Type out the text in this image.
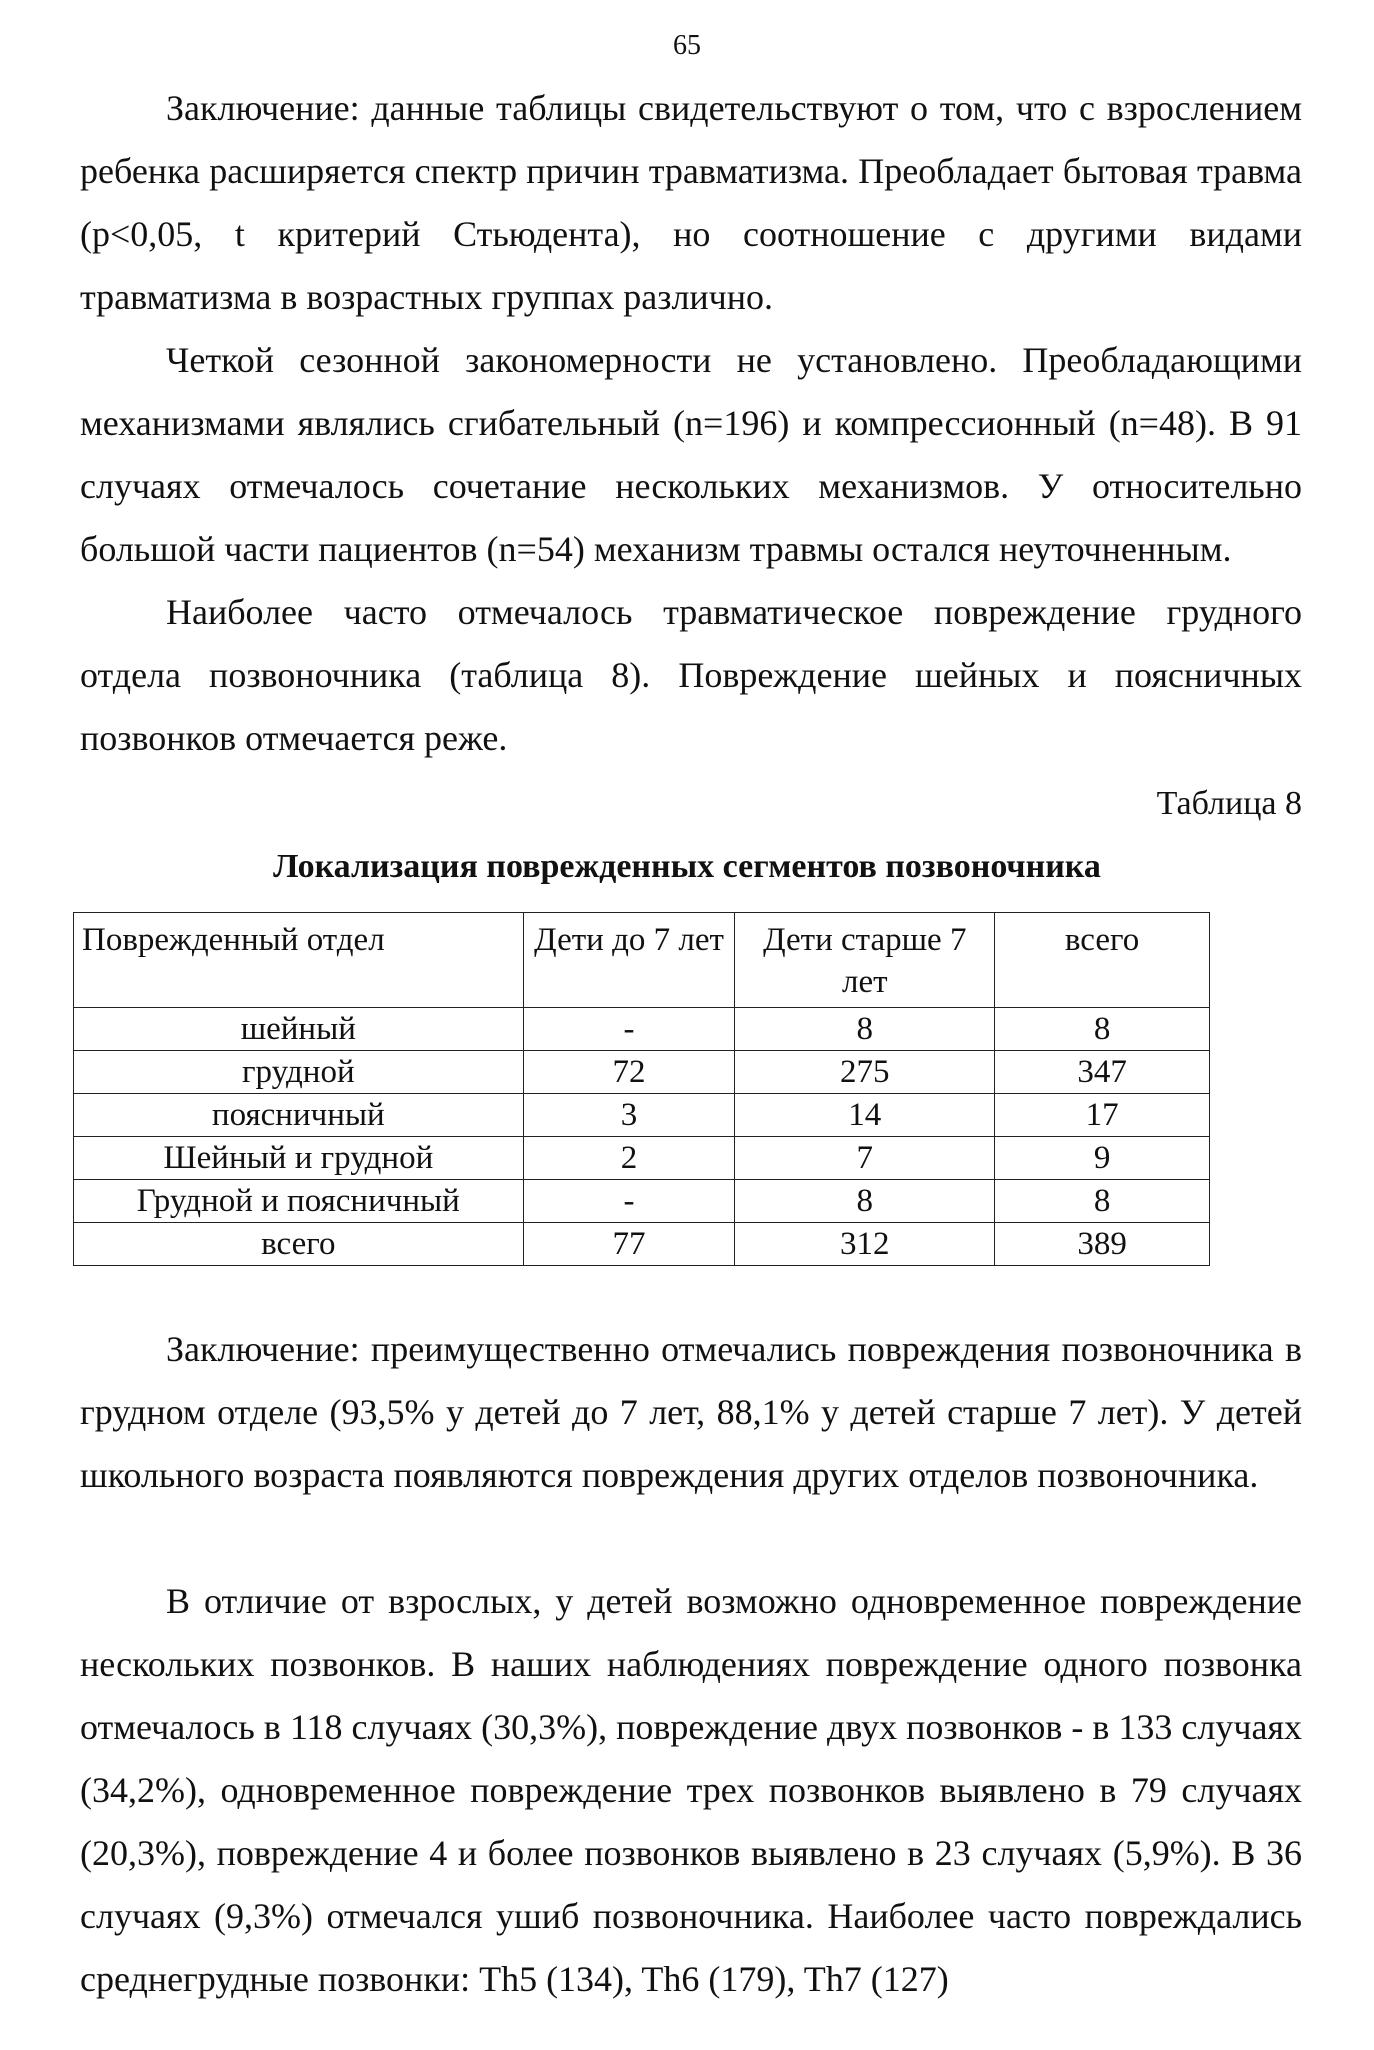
65

Заключение: данные таблицы свидетельствуют о том, что с взрослением ребенка расширяется спектр причин травматизма. Преобладает бытовая травма (p<0,05, t критерий Стьюдента), но соотношение с другими видами травматизма в возрастных группах различно.

Четкой сезонной закономерности не установлено. Преобладающими механизмами являлись сгибательный (n=196) и компрессионный (n=48). В 91 случаях отмечалось сочетание нескольких механизмов. У относительно большой части пациентов (n=54) механизм травмы остался неуточненным.

Наиболее часто отмечалось травматическое повреждение грудного отдела позвоночника (таблица 8). Повреждение шейных и поясничных позвонков отмечается реже.

Таблица 8
Локализация поврежденных сегментов позвоночника
Поврежденный отдел	Дети до 7 лет	Дети старше 7 лет	всего
шейный	-	8	8
грудной	72	275	347
поясничный	3	14	17
Шейный и грудной	2	7	9
Грудной и поясничный	-	8	8
всего	77	312	389

Заключение: преимущественно отмечались повреждения позвоночника в грудном отделе (93,5% у детей до 7 лет, 88,1% у детей старше 7 лет). У детей школьного возраста появляются повреждения других отделов позвоночника.

В отличие от взрослых, у детей возможно одновременное повреждение нескольких позвонков. В наших наблюдениях повреждение одного позвонка отмечалось в 118 случаях (30,3%), повреждение двух позвонков - в 133 случаях (34,2%), одновременное повреждение трех позвонков выявлено в 79 случаях (20,3%), повреждение 4 и более позвонков выявлено в 23 случаях (5,9%). В 36 случаях (9,3%) отмечался ушиб позвоночника. Наиболее часто повреждались среднегрудные позвонки: Th5 (134), Th6 (179), Th7 (127)
